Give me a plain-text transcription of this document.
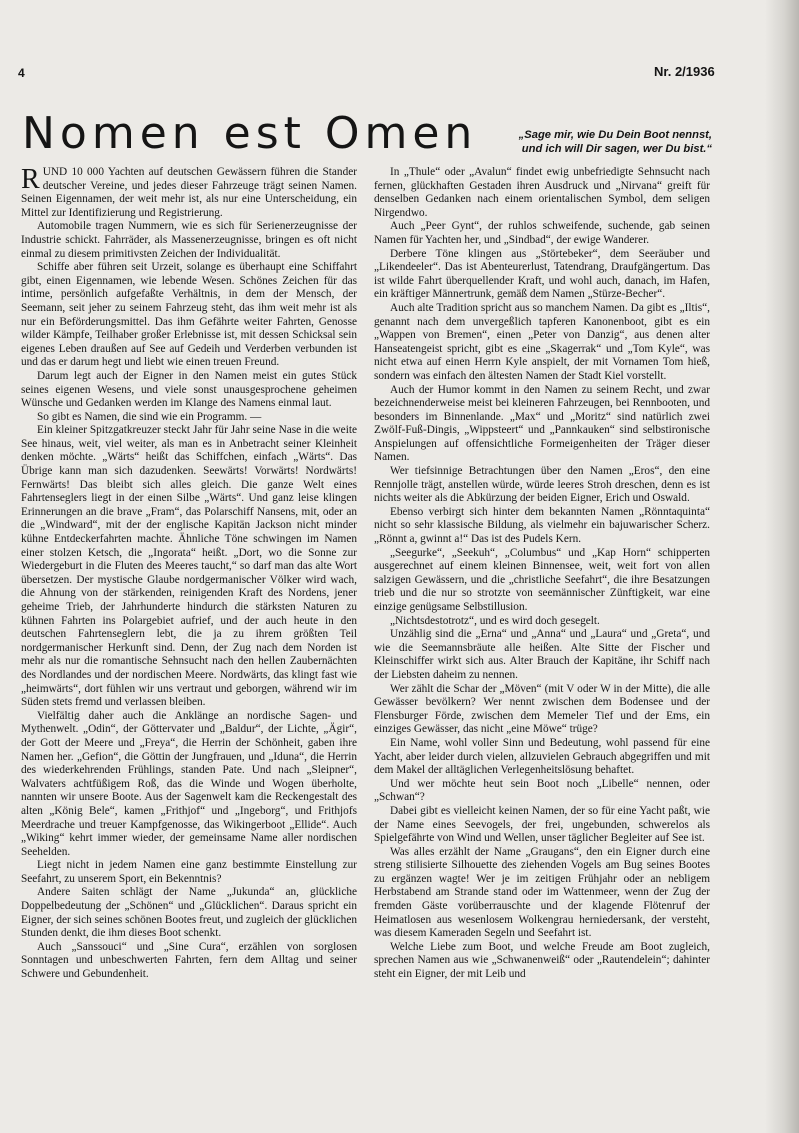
4	Nr. 2/1936
Nomen est Omen	„Sage mir, wie Du Dein Boot nennst, und ich will Dir sagen, wer Du bist.“

RUND 10 000 Yachten auf deutschen Gewässern führen die Stander deutscher Vereine, und jedes dieser Fahrzeuge trägt seinen Namen. Seinen Eigennamen, der weit mehr ist, als nur eine Unterscheidung, ein Mittel zur Identifizierung und Registrierung.

Automobile tragen Nummern, wie es sich für Serienerzeugnisse der Industrie schickt. Fahrräder, als Massenerzeugnisse, bringen es oft nicht einmal zu diesem primitivsten Zeichen der Individualität.

Schiffe aber führen seit Urzeit, solange es überhaupt eine Schiffahrt gibt, einen Eigennamen, wie lebende Wesen. Schönes Zeichen für das intime, persönlich aufgefaßte Verhältnis, in dem der Mensch, der Seemann, seit jeher zu seinem Fahrzeug steht, das ihm weit mehr ist als nur ein Beförderungsmittel. Das ihm Gefährte weiter Fahrten, Genosse wilder Kämpfe, Teilhaber großer Erlebnisse ist, mit dessen Schicksal sein eigenes Leben draußen auf See auf Gedeih und Verderben verbunden ist und das er darum hegt und liebt wie einen treuen Freund.

Darum legt auch der Eigner in den Namen meist ein gutes Stück seines eigenen Wesens, und viele sonst unausgesprochene geheimen Wünsche und Gedanken werden im Klange des Namens einmal laut.

So gibt es Namen, die sind wie ein Programm. —

Ein kleiner Spitzgatkreuzer steckt Jahr für Jahr seine Nase in die weite See hinaus, weit, viel weiter, als man es in Anbetracht seiner Kleinheit denken möchte. „Wärts“ heißt das Schiffchen, einfach „Wärts“. Das Übrige kann man sich dazudenken. Seewärts! Vorwärts! Nordwärts! Fernwärts! Das bleibt sich alles gleich. Die ganze Welt eines Fahrtenseglers liegt in der einen Silbe „Wärts“. Und ganz leise klingen Erinnerungen an die brave „Fram“, das Polarschiff Nansens, mit, oder an die „Windward“, mit der der englische Kapitän Jackson nicht minder kühne Entdeckerfahrten machte. Ähnliche Töne schwingen im Namen einer stolzen Ketsch, die „Ingorata“ heißt. „Dort, wo die Sonne zur Wiedergeburt in die Fluten des Meeres taucht,“ so darf man das alte Wort übersetzen. Der mystische Glaube nordgermanischer Völker wird wach, die Ahnung von der stärkenden, reinigenden Kraft des Nordens, jener geheime Trieb, der Jahrhunderte hindurch die stärksten Naturen zu kühnen Fahrten ins Polargebiet aufrief, und der auch heute in den deutschen Fahrtenseglern lebt, die ja zu ihrem größten Teil nordgermanischer Herkunft sind. Denn, der Zug nach dem Norden ist mehr als nur die romantische Sehnsucht nach den hellen Zaubernächten des Nordlandes und der nordischen Meere. Nordwärts, das klingt fast wie „heimwärts“, dort fühlen wir uns vertraut und geborgen, während wir im Süden stets fremd und verlassen bleiben.

Vielfältig daher auch die Anklänge an nordische Sagen- und Mythenwelt. „Odin“, der Göttervater und „Baldur“, der Lichte, „Ägir“, der Gott der Meere und „Freya“, die Herrin der Schönheit, gaben ihre Namen her. „Gefion“, die Göttin der Jungfrauen, und „Iduna“, die Herrin des wiederkehrenden Frühlings, standen Pate. Und nach „Sleipner“, Walvaters achtfüßigem Roß, das die Winde und Wogen überholte, nannten wir unsere Boote. Aus der Sagenwelt kam die Reckengestalt des alten „König Bele“, kamen „Frithjof“ und „Ingeborg“, und Frithjofs Meerdrache und treuer Kampfgenosse, das Wikingerboot „Ellide“. Auch „Wiking“ kehrt immer wieder, der gemeinsame Name aller nordischen Seehelden.

Liegt nicht in jedem Namen eine ganz bestimmte Einstellung zur Seefahrt, zu unserem Sport, ein Bekenntnis?

Andere Saiten schlägt der Name „Jukunda“ an, glückliche Doppelbedeutung der „Schönen“ und „Glücklichen“. Daraus spricht ein Eigner, der sich seines schönen Bootes freut, und zugleich der glücklichen Stunden denkt, die ihm dieses Boot schenkt.

Auch „Sanssouci“ und „Sine Cura“, erzählen von sorglosen Sonntagen und unbeschwerten Fahrten, fern dem Alltag und seiner Schwere und Gebundenheit.

In „Thule“ oder „Avalun“ findet ewig unbefriedigte Sehnsucht nach fernen, glückhaften Gestaden ihren Ausdruck und „Nirvana“ greift für denselben Gedanken nach einem orientalischen Symbol, dem seligen Nirgendwo.

Auch „Peer Gynt“, der ruhlos schweifende, suchende, gab seinen Namen für Yachten her, und „Sindbad“, der ewige Wanderer.

Derbere Töne klingen aus „Störtebeker“, dem Seeräuber und „Likendeeler“. Das ist Abenteurerlust, Tatendrang, Draufgängertum. Das ist wilde Fahrt überquellender Kraft, und wohl auch, danach, im Hafen, ein kräftiger Männertrunk, gemäß dem Namen „Stürze-Becher“.

Auch alte Tradition spricht aus so manchem Namen. Da gibt es „Iltis“, genannt nach dem unvergeßlich tapferen Kanonenboot, gibt es ein „Wappen von Bremen“, einen „Peter von Danzig“, aus denen alter Hanseatengeist spricht, gibt es eine „Skagerrak“ und „Tom Kyle“, was nicht etwa auf einen Herrn Kyle anspielt, der mit Vornamen Tom hieß, sondern was einfach den ältesten Namen der Stadt Kiel vorstellt.

Auch der Humor kommt in den Namen zu seinem Recht, und zwar bezeichnenderweise meist bei kleineren Fahrzeugen, bei Rennbooten, und besonders im Binnenlande. „Max“ und „Moritz“ sind natürlich zwei Zwölf-Fuß-Dingis, „Wippsteert“ und „Pannkauken“ sind selbstironische Anspielungen auf offensichtliche Formeigenheiten der Träger dieser Namen.

Wer tiefsinnige Betrachtungen über den Namen „Eros“, den eine Rennjolle trägt, anstellen würde, würde leeres Stroh dreschen, denn es ist nichts weiter als die Abkürzung der beiden Eigner, Erich und Oswald.

Ebenso verbirgt sich hinter dem bekannten Namen „Rönntaquinta“ nicht so sehr klassische Bildung, als vielmehr ein bajuwarischer Scherz. „Rönnt a, gwinnt a!“ Das ist des Pudels Kern.

„Seegurke“, „Seekuh“, „Columbus“ und „Kap Horn“ schipperten ausgerechnet auf einem kleinen Binnensee, weit, weit fort von allen salzigen Gewässern, und die „christliche Seefahrt“, die ihre Besatzungen trieb und die nur so strotzte von seemännischer Zünftigkeit, war eine einzige genügsame Selbstillusion.

„Nichtsdestotrotz“, und es wird doch gesegelt.

Unzählig sind die „Erna“ und „Anna“ und „Laura“ und „Greta“, und wie die Seemannsbräute alle heißen. Alte Sitte der Fischer und Kleinschiffer wirkt sich aus. Alter Brauch der Kapitäne, ihr Schiff nach der Liebsten daheim zu nennen.

Wer zählt die Schar der „Möven“ (mit V oder W in der Mitte), die alle Gewässer bevölkern? Wer nennt zwischen dem Bodensee und der Flensburger Förde, zwischen dem Memeler Tief und der Ems, ein einziges Gewässer, das nicht „eine Möwe“ trüge?

Ein Name, wohl voller Sinn und Bedeutung, wohl passend für eine Yacht, aber leider durch vielen, allzuvielen Gebrauch abgegriffen und mit dem Makel der alltäglichen Verlegenheitslösung behaftet.

Und wer möchte heut sein Boot noch „Libelle“ nennen, oder „Schwan“?

Dabei gibt es vielleicht keinen Namen, der so für eine Yacht paßt, wie der Name eines Seevogels, der frei, ungebunden, schwerelos als Spielgefährte von Wind und Wellen, unser täglicher Begleiter auf See ist.

Was alles erzählt der Name „Graugans“, den ein Eigner durch eine streng stilisierte Silhouette des ziehenden Vogels am Bug seines Bootes zu ergänzen wagte! Wer je im zeitigen Frühjahr oder an nebligem Herbstabend am Strande stand oder im Wattenmeer, wenn der Zug der fremden Gäste vorüberrauschte und der klagende Flötenruf der Heimatlosen aus wesenlosem Wolkengrau herniedersank, der versteht, was diesem Kameraden Segeln und Seefahrt ist.

Welche Liebe zum Boot, und welche Freude am Boot zugleich, sprechen Namen aus wie „Schwanenweiß“ oder „Rautendelein“; dahinter steht ein Eigner, der mit Leib und
